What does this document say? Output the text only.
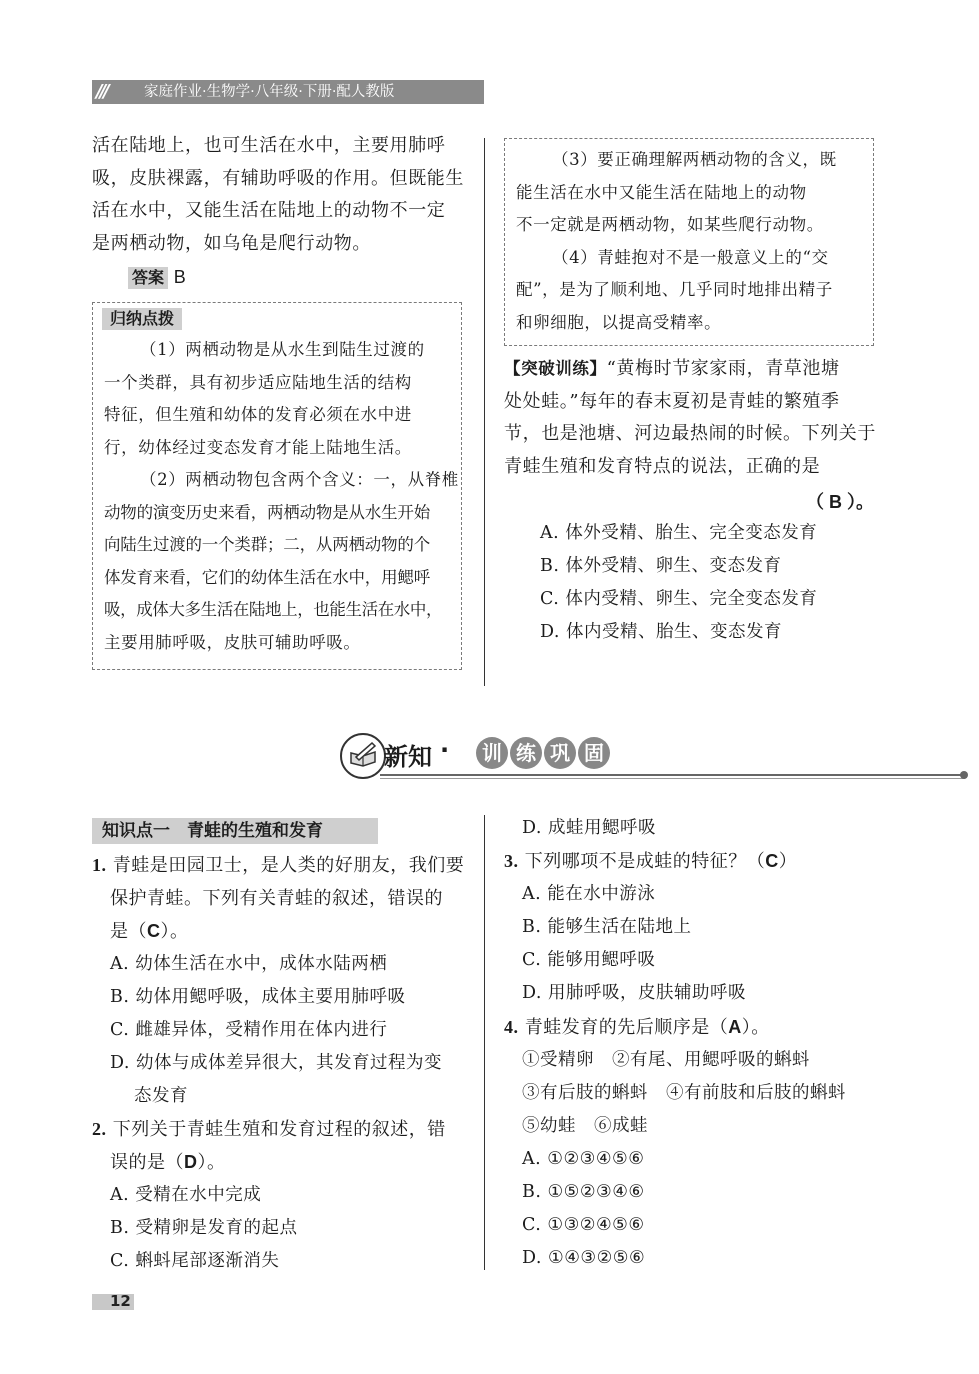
///	家庭作业·生物学·八年级·下册·配人教版
活在陆地上，也可生活在水中，主要用肺呼
吸，皮肤裸露，有辅助呼吸的作用。但既能生
活在水中，又能生活在陆地上的动物不一定
是两栖动物，如乌龟是爬行动物。
答案 B
归纳点拨
（1）两栖动物是从水生到陆生过渡的
一个类群，具有初步适应陆地生活的结构
特征，但生殖和幼体的发育必须在水中进
行，幼体经过变态发育才能上陆地生活。
（2）两栖动物包含两个含义：一，从脊椎
动物的演变历史来看，两栖动物是从水生开始
向陆生过渡的一个类群；二，从两栖动物的个
体发育来看，它们的幼体生活在水中，用鳃呼
吸，成体大多生活在陆地上，也能生活在水中，
主要用肺呼吸，皮肤可辅助呼吸。
（3）要正确理解两栖动物的含义，既
能生活在水中又能生活在陆地上的动物
不一定就是两栖动物，如某些爬行动物。
（4）青蛙抱对不是一般意义上的“交
配”，是为了顺利地、几乎同时地排出精子
和卵细胞，以提高受精率。
【突破训练】“黄梅时节家家雨，青草池塘
处处蛙。”每年的春末夏初是青蛙的繁殖季
节，也是池塘、河边最热闹的时候。下列关于
青蛙生殖和发育特点的说法，正确的是
（ B ）。
A. 体外受精、胎生、完全变态发育
B. 体外受精、卵生、变态发育
C. 体内受精、卵生、完全变态发育
D. 体内受精、胎生、变态发育
新知 ·	训 练 巩 固
知识点一　青蛙的生殖和发育
1. 青蛙是田园卫士，是人类的好朋友，我们要
保护青蛙。下列有关青蛙的叙述，错误的
是（C）。
A. 幼体生活在水中，成体水陆两栖
B. 幼体用鳃呼吸，成体主要用肺呼吸
C. 雌雄异体，受精作用在体内进行
D. 幼体与成体差异很大，其发育过程为变
态发育
2. 下列关于青蛙生殖和发育过程的叙述，错
误的是（D）。
A. 受精在水中完成
B. 受精卵是发育的起点
C. 蝌蚪尾部逐渐消失
D. 成蛙用鳃呼吸
3. 下列哪项不是成蛙的特征？（C）
A. 能在水中游泳
B. 能够生活在陆地上
C. 能够用鳃呼吸
D. 用肺呼吸，皮肤辅助呼吸
4. 青蛙发育的先后顺序是（A）。
①受精卵　②有尾、用鳃呼吸的蝌蚪
③有后肢的蝌蚪　④有前肢和后肢的蝌蚪
⑤幼蛙　⑥成蛙
A. ①②③④⑤⑥
B. ①⑤②③④⑥
C. ①③②④⑤⑥
D. ①④③②⑤⑥
12
